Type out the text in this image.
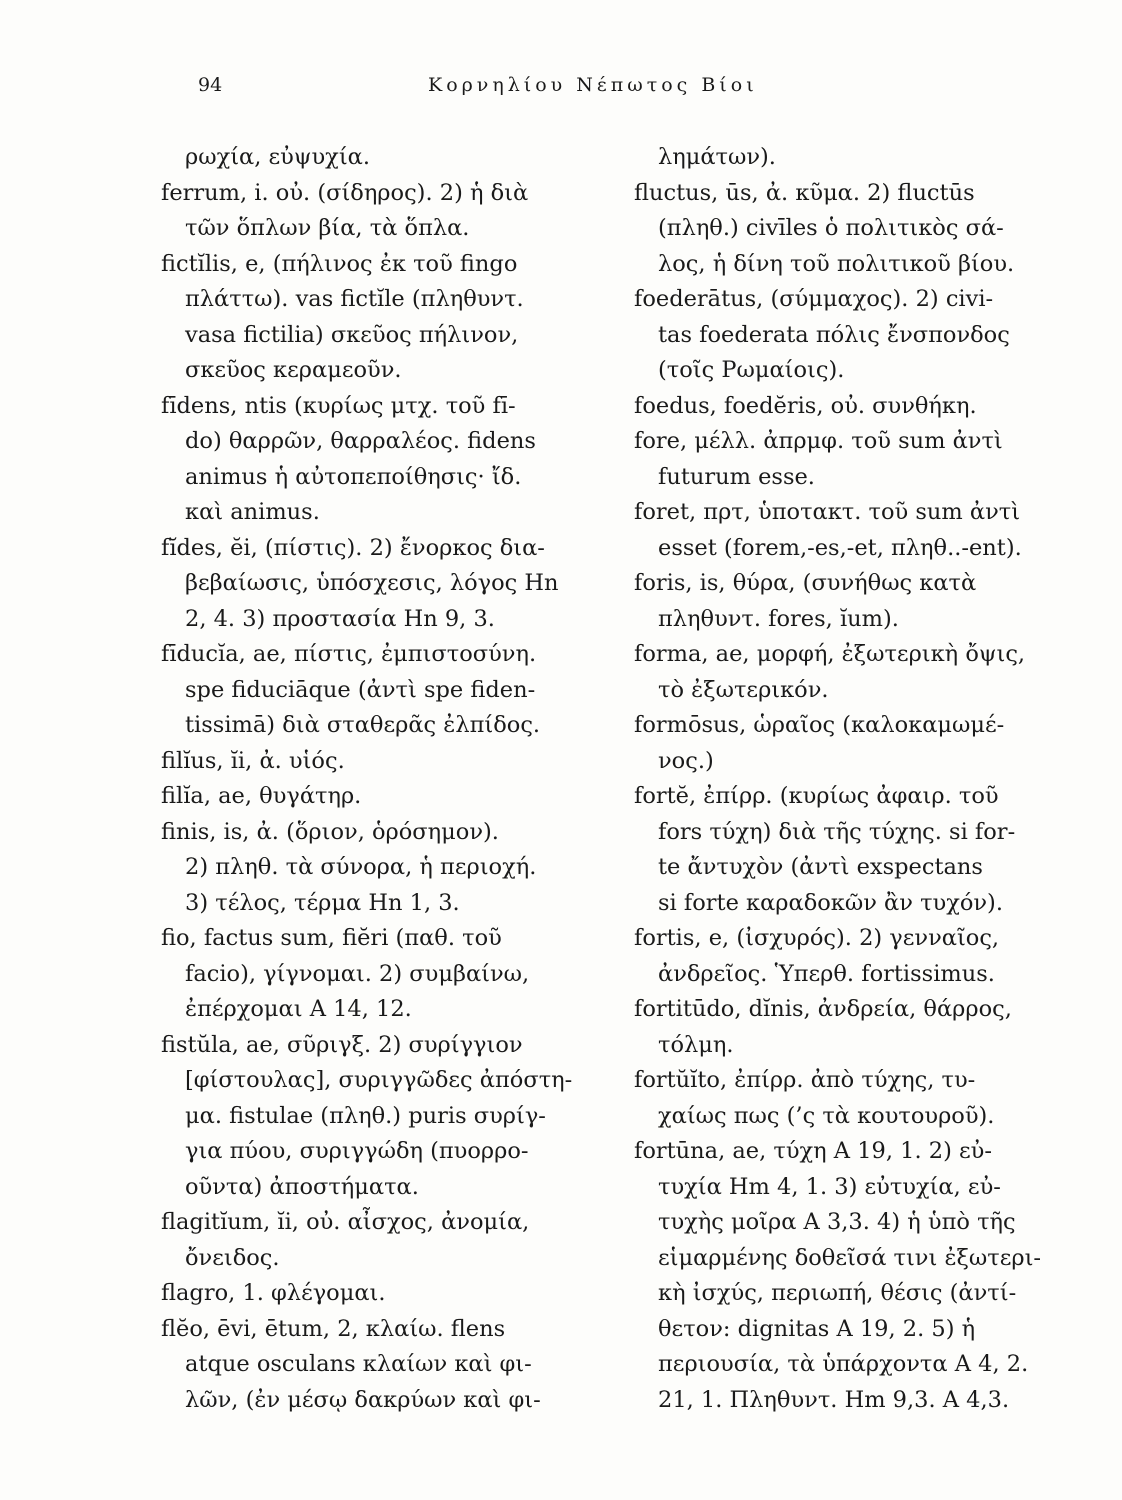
94	Κορνηλίου Νέπωτος Βίοι
ρωχία, εὐψυχία.
ferrum, i. οὐ. (σίδηρος). 2) ἡ διὰ
τῶν ὅπλων βία, τὰ ὅπλα.
fictĭlis, e, (πήλινος ἐκ τοῦ fingo
πλάττω). vas fictĭle (πληθυντ.
vasa fictilia) σκεῦος πήλινον,
σκεῦος κεραμεοῦν.
fīdens, ntis (κυρίως μτχ. τοῦ fī-
do) θαρρῶν, θαρραλέος. fidens
animus ἡ αὐτοπεποίθησις· ἴδ.
καὶ animus.
fĭdes, ĕi, (πίστις). 2) ἔνορκος δια-
βεβαίωσις, ὑπόσχεσις, λόγος Hn
2, 4. 3) προστασία Hn 9, 3.
fīducĭa, ae, πίστις, ἐμπιστοσύνη.
spe fiduciāque (ἀντὶ spe fiden-
tissimā) διὰ σταθερᾶς ἐλπίδος.
filĭus, ĭi, ἀ. υἱός.
filĭa, ae, θυγάτηρ.
finis, is, ἀ. (ὅριον, ὁρόσημον).
2) πληθ. τὰ σύνορα, ἡ περιοχή.
3) τέλος, τέρμα Hn 1, 3.
fio, factus sum, fiĕri (παθ. τοῦ
facio), γίγνομαι. 2) συμβαίνω,
ἐπέρχομαι A 14, 12.
fistŭla, ae, σῦριγξ. 2) συρίγγιον
[φίστουλας], συριγγῶδες ἀπόστη-
μα. fistulae (πληθ.) puris συρίγ-
για πύου, συριγγώδη (πυορρο-
οῦντα) ἀποστήματα.
flagitĭum, ĭi, οὐ. αἶσχος, ἀνομία,
ὄνειδος.
flagro, 1. φλέγομαι.
flĕo, ēvi, ētum, 2, κλαίω. flens
atque osculans κλαίων καὶ φι-
λῶν, (ἐν μέσῳ δακρύων καὶ φι-
λημάτων).
fluctus, ūs, ἀ. κῦμα. 2) fluctūs
(πληθ.) civīles ὁ πολιτικὸς σά-
λος, ἡ δίνη τοῦ πολιτικοῦ βίου.
foederātus, (σύμμαχος). 2) civi-
tas foederata πόλις ἔνσπονδος
(τοῖς Ρωμαίοις).
foedus, foedĕris, οὐ. συνθήκη.
fore, μέλλ. ἀπρμφ. τοῦ sum ἀντὶ
futurum esse.
foret, πρτ, ὑποτακτ. τοῦ sum ἀντὶ
esset (forem,-es,-et, πληθ..-ent).
foris, is, θύρα, (συνήθως κατὰ
πληθυντ. fores, ĭum).
forma, ae, μορφή, ἐξωτερικὴ ὄψις,
τὸ ἐξωτερικόν.
formōsus, ὡραῖος (καλοκαμωμέ-
νος.)
fortĕ, ἐπίρρ. (κυρίως ἀφαιρ. τοῦ
fors τύχη) διὰ τῆς τύχης. si for-
te ἄντυχὸν (ἀντὶ exspectans
si forte καραδοκῶν ἂν τυχόν).
fortis, e, (ἰσχυρός). 2) γενναῖος,
ἀνδρεῖος. Ὑπερθ. fortissimus.
fortitūdo, dĭnis, ἀνδρεία, θάρρος,
τόλμη.
fortŭĭto, ἐπίρρ. ἀπὸ τύχης, τυ-
χαίως πως (’ς τὰ κουτουροῦ).
fortūna, ae, τύχη A 19, 1. 2) εὐ-
τυχία Hm 4, 1. 3) εὐτυχία, εὐ-
τυχὴς μοῖρα A 3,3. 4) ἡ ὑπὸ τῆς
εἱμαρμένης δοθεῖσά τινι ἐξωτερι-
κὴ ἰσχύς, περιωπή, θέσις (ἀντί-
θετον: dignitas A 19, 2. 5) ἡ
περιουσία, τὰ ὑπάρχοντα A 4, 2.
21, 1. Πληθυντ. Hm 9,3. A 4,3.
